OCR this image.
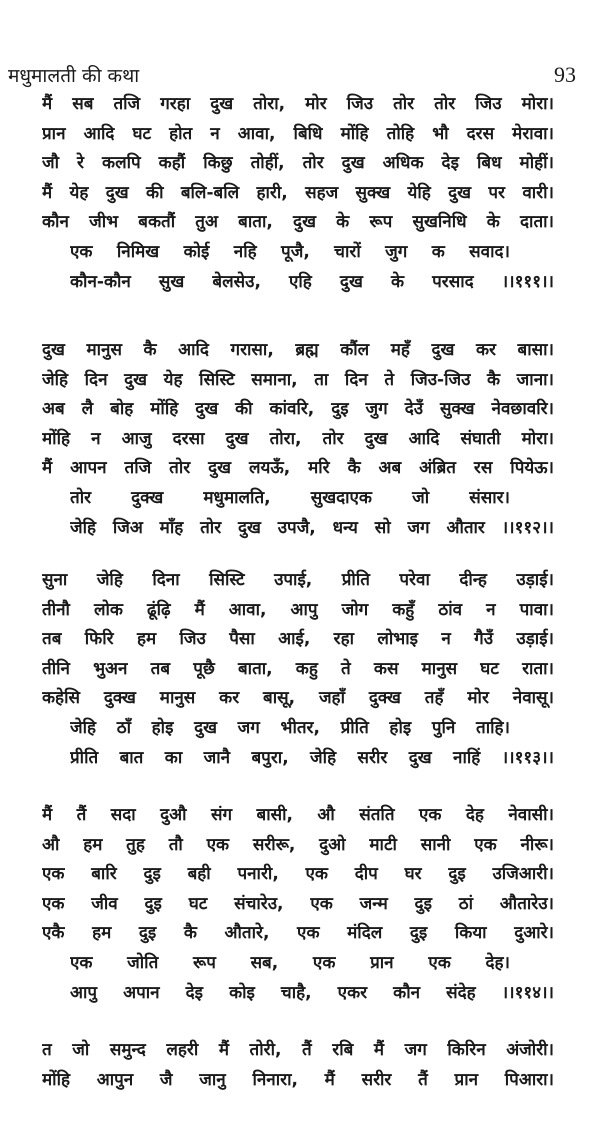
मधुमालती की कथा	93
मैं सब तजि गरहा दुख तोरा, मोर जिउ तोर तोर जिउ मोरा।
प्रान आदि घट होत न आवा, बिधि मोंहि तोहि भौ दरस मेरावा।
जौ रे कलपि कहौं किछु तोहीं, तोर दुख अधिक देइ बिध मोहीं।
मैं येह दुख की बलि-बलि हारी, सहज सुक्ख येहि दुख पर वारी।
कौन जीभ बकतौं तुअ बाता, दुख के रूप सुखनिधि के दाता।
एक निमिख कोई नहि पूजै, चारों जुग क सवाद।
कौन-कौन सुख बेलसेउ, एहि दुख के परसाद ।।१११।।
दुख मानुस कै आदि गरासा, ब्रह्म कौंल महँ दुख कर बासा।
जेहि दिन दुख येह सिस्टि समाना, ता दिन ते जिउ-जिउ कै जाना।
अब लै बोह मोंहि दुख की कांवरि, दुइ जुग देउँ सुक्ख नेवछावरि।
मोंहि न आजु दरसा दुख तोरा, तोर दुख आदि संघाती मोरा।
मैं आपन तजि तोर दुख लयऊँ, मरि कै अब अंब्रित रस पियेऊ।
तोर दुक्ख मधुमालति, सुखदाएक जो संसार।
जेहि जिअ माँह तोर दुख उपजै, धन्य सो जग औतार ।।११२।।
सुना जेहि दिना सिस्टि उपाई, प्रीति परेवा दीन्ह उड़ाई।
तीनौ लोक ढूंढ़ि मैं आवा, आपु जोग कहुँ ठांव न पावा।
तब फिरि हम जिउ पैसा आई, रहा लोभाइ न गैउँ उड़ाई।
तीनि भुअन तब पूछै बाता, कहु ते कस मानुस घट राता।
कहेसि दुक्ख मानुस कर बासू, जहाँ दुक्ख तहँ मोर नेवासू।
जेहि ठाँ होइ दुख जग भीतर, प्रीति होइ पुनि ताहि।
प्रीति बात का जानै बपुरा, जेहि सरीर दुख नाहिं ।।११३।।
मैं तैं सदा दुऔ संग बासी, औ संतति एक देह नेवासी।
औ हम तुह तौ एक सरीरू, दुओ माटी सानी एक नीरू।
एक बारि दुइ बही पनारी, एक दीप घर दुइ उजिआरी।
एक जीव दुइ घट संचारेउ, एक जन्म दुइ ठां औतारेउ।
एकै हम दुइ कै औतारे, एक मंदिल दुइ किया दुआरे।
एक जोति रूप सब, एक प्रान एक देह।
आपु अपान देइ कोइ चाहै, एकर कौन संदेह ।।११४।।
त जो समुन्द लहरी मैं तोरी, तैं रबि मैं जग किरिन अंजोरी।
मोंहि आपुन जै जानु निनारा, मैं सरीर तैं प्रान पिआरा।
